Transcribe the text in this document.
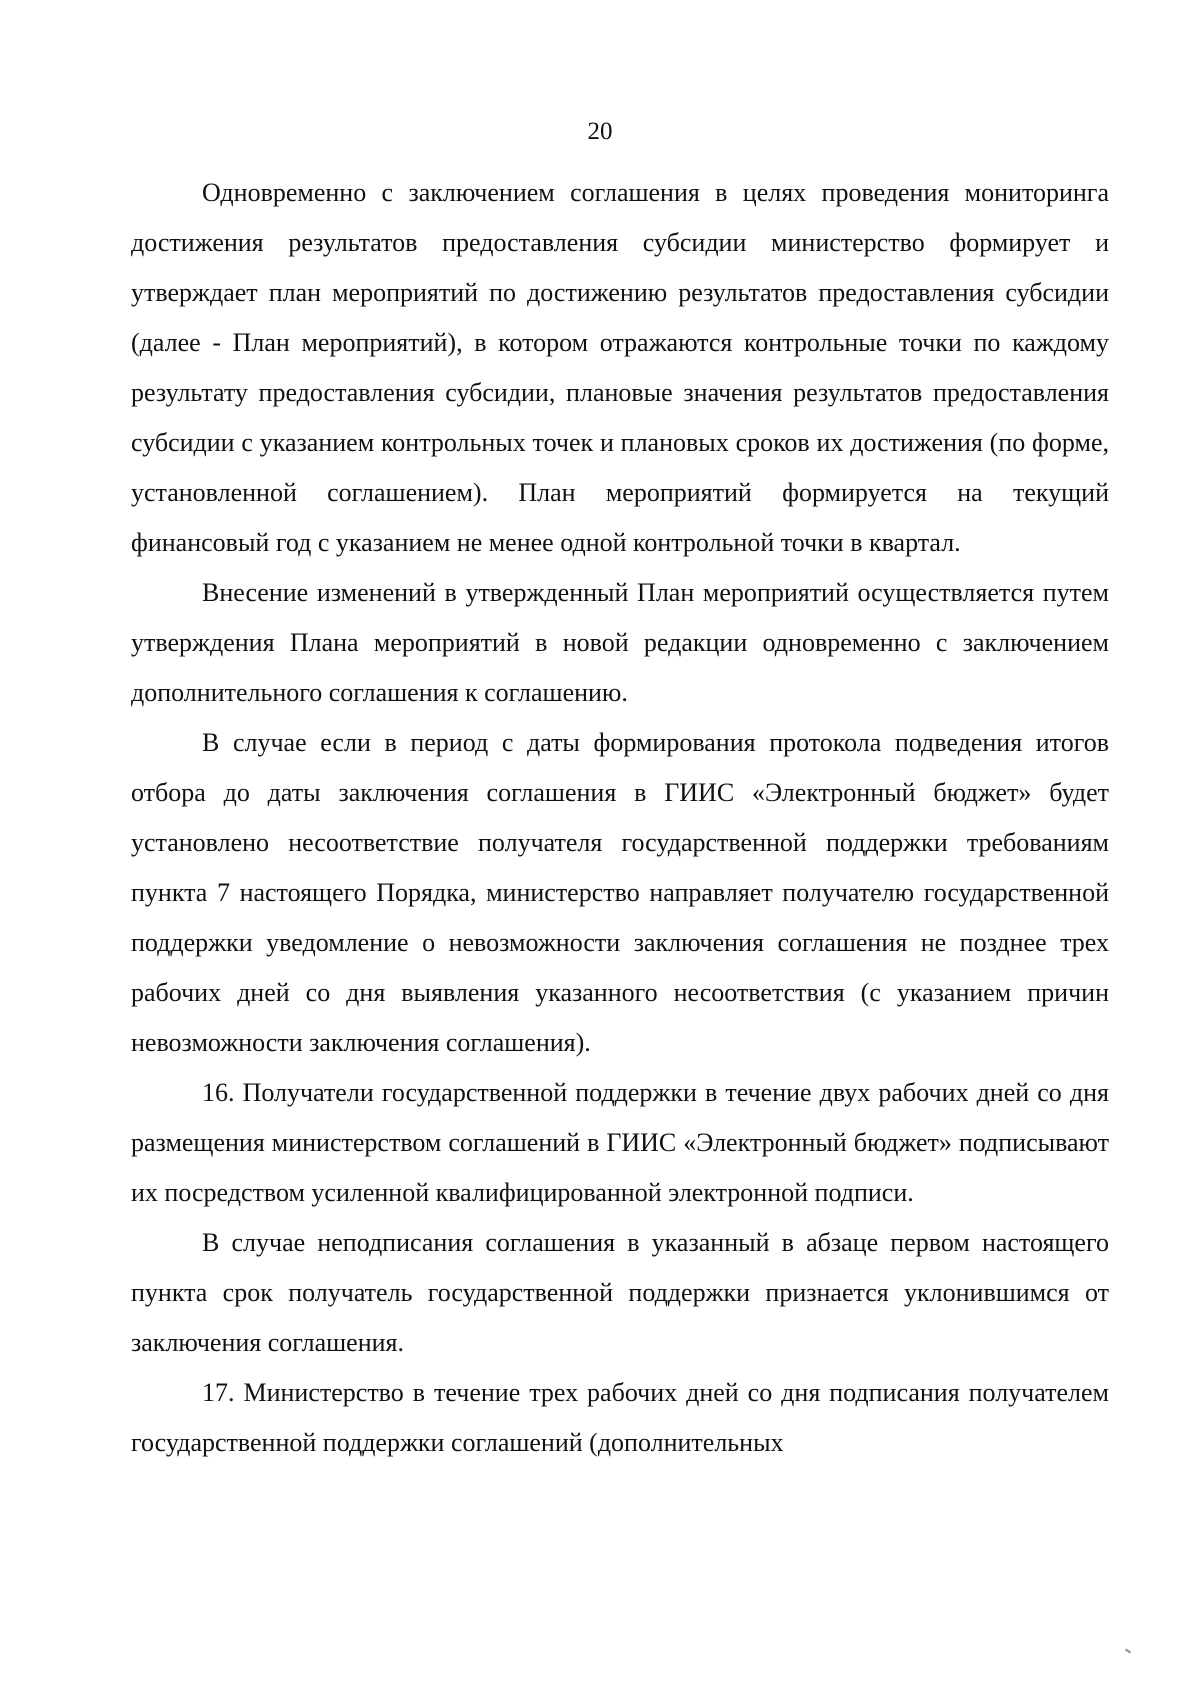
20

Одновременно с заключением соглашения в целях проведения мониторинга достижения результатов предоставления субсидии министерство формирует и утверждает план мероприятий по достижению результатов предоставления субсидии (далее - План мероприятий), в котором отражаются контрольные точки по каждому результату предоставления субсидии, плановые значения результатов предоставления субсидии с указанием контрольных точек и плановых сроков их достижения (по форме, установленной соглашением). План мероприятий формируется на текущий финансовый год с указанием не менее одной контрольной точки в квартал.

Внесение изменений в утвержденный План мероприятий осуществляется путем утверждения Плана мероприятий в новой редакции одновременно с заключением дополнительного соглашения к соглашению.

В случае если в период с даты формирования протокола подведения итогов отбора до даты заключения соглашения в ГИИС «Электронный бюджет» будет установлено несоответствие получателя государственной поддержки требованиям пункта 7 настоящего Порядка, министерство направляет получателю государственной поддержки уведомление о невозможности заключения соглашения не позднее трех рабочих дней со дня выявления указанного несоответствия (с указанием причин невозможности заключения соглашения).

16. Получатели государственной поддержки в течение двух рабочих дней со дня размещения министерством соглашений в ГИИС «Электронный бюджет» подписывают их посредством усиленной квалифицированной электронной подписи.

В случае неподписания соглашения в указанный в абзаце первом настоящего пункта срок получатель государственной поддержки признается уклонившимся от заключения соглашения.

17. Министерство в течение трех рабочих дней со дня подписания получателем государственной поддержки соглашений (дополнительных
